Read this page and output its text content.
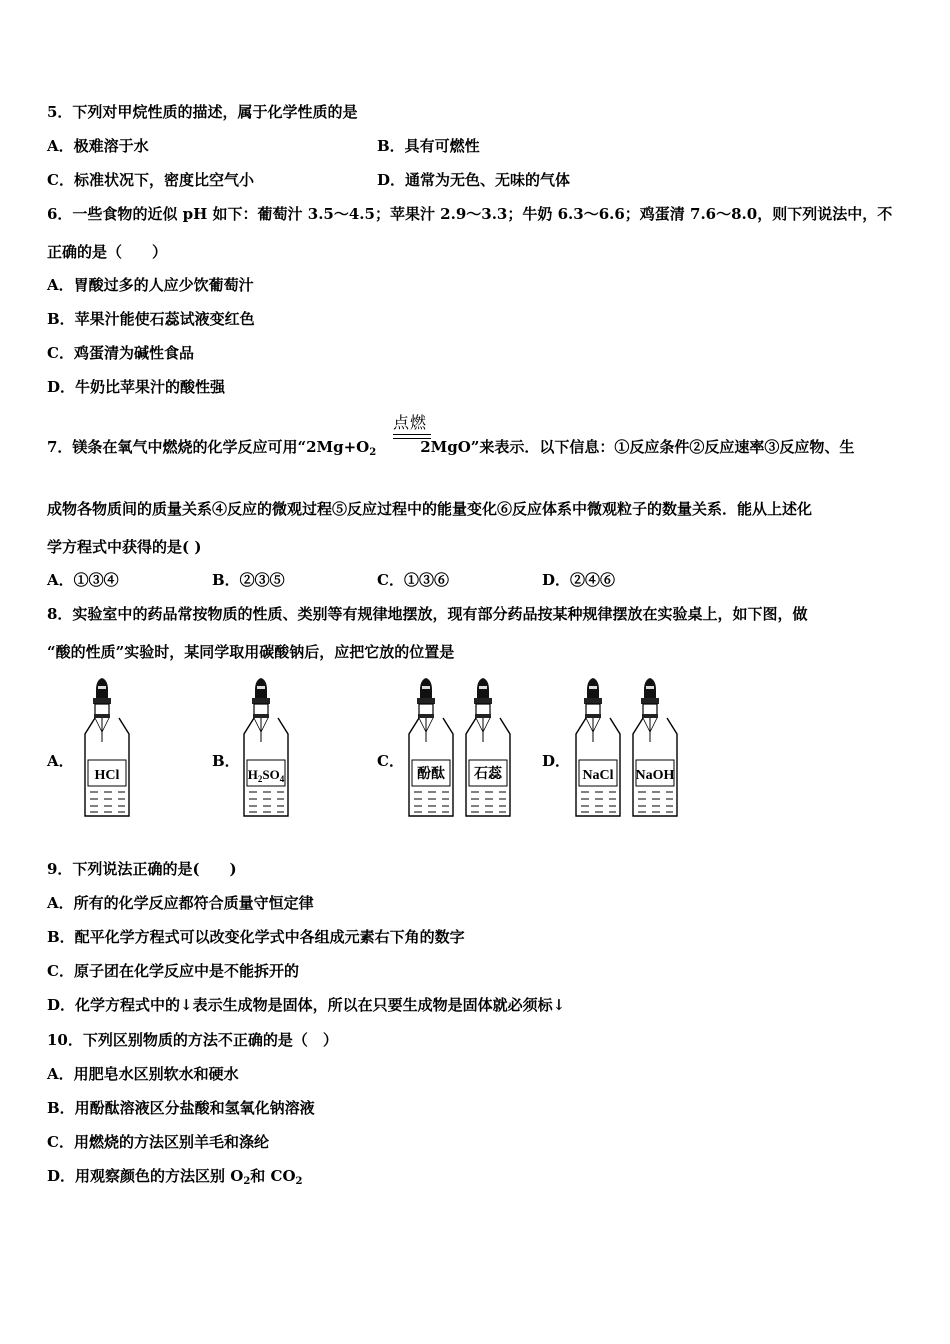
5．下列对甲烷性质的描述，属于化学性质的是
A．极难溶于水	B．具有可燃性
C．标准状况下，密度比空气小	D．通常为无色、无味的气体
6．一些食物的近似 pH 如下：葡萄汁 3.5～4.5；苹果汁 2.9～3.3；牛奶 6.3～6.6；鸡蛋清 7.6～8.0，则下列说法中，不
正确的是（　　）
A．胃酸过多的人应少饮葡萄汁
B．苹果汁能使石蕊试液变红色
C．鸡蛋清为碱性食品
D．牛奶比苹果汁的酸性强
点燃
7．镁条在氧气中燃烧的化学反应可用“$2Mg+O_2$	2MgO”来表示．以下信息：①反应条件②反应速率③反应物、生
成物各物质间的质量关系④反应的微观过程⑤反应过程中的能量变化⑥反应体系中微观粒子的数量关系．能从上述化
学方程式中获得的是( )
A．①③④	B．②③⑤	C．①③⑥	D．②④⑥
8．实验室中的药品常按物质的性质、类别等有规律地摆放，现有部分药品按某种规律摆放在实验桌上，如下图，做
“酸的性质”实验时，某同学取用碳酸钠后，应把它放的位置是
A．	B．	C．	D．
HCl	$H_2SO_4$	酚酞 石蕊	NaCl NaOH
9．下列说法正确的是(　　)
A．所有的化学反应都符合质量守恒定律
B．配平化学方程式可以改变化学式中各组成元素右下角的数字
C．原子团在化学反应中是不能拆开的
D．化学方程式中的↓表示生成物是固体，所以在只要生成物是固体就必须标↓
10．下列区别物质的方法不正确的是（　）
A．用肥皂水区别软水和硬水
B．用酚酞溶液区分盐酸和氢氧化钠溶液
C．用燃烧的方法区别羊毛和涤纶
D．用观察颜色的方法区别 $O_2$和 $CO_2$
